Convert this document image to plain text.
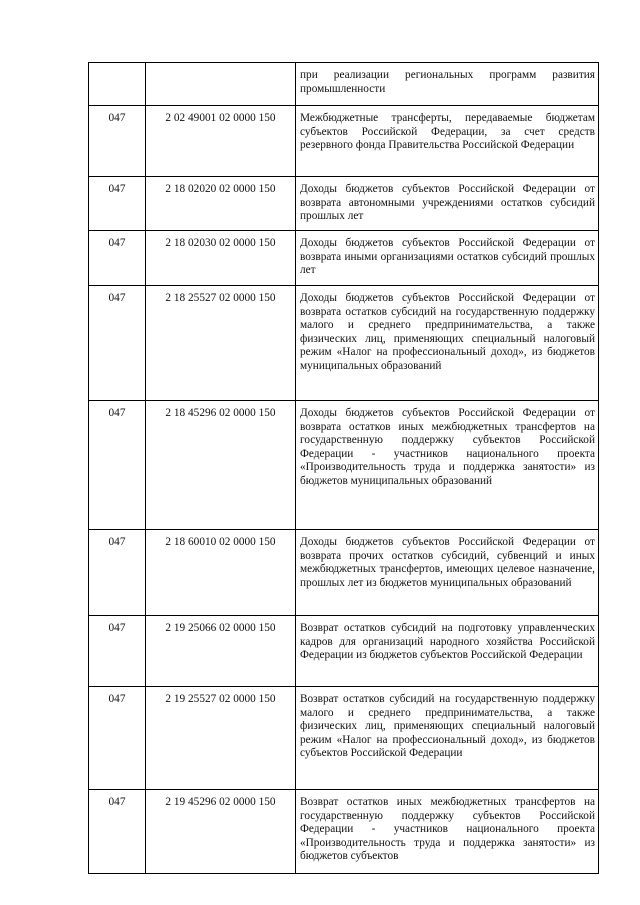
		при реализации региональных программ развития промышленности
047	2 02 49001 02 0000 150	Межбюджетные трансферты, передаваемые бюджетам субъектов Российской Федерации, за счет средств резервного фонда Правительства Российской Федерации
047	2 18 02020 02 0000 150	Доходы бюджетов субъектов Российской Федерации от возврата автономными учреждениями остатков субсидий прошлых лет
047	2 18 02030 02 0000 150	Доходы бюджетов субъектов Российской Федерации от возврата иными организациями остатков субсидий прошлых лет
047	2 18 25527 02 0000 150	Доходы бюджетов субъектов Российской Федерации от возврата остатков субсидий на государственную поддержку малого и среднего предпринимательства, а также физических лиц, применяющих специальный налоговый режим «Налог на профессиональный доход», из бюджетов муниципальных образований
047	2 18 45296 02 0000 150	Доходы бюджетов субъектов Российской Федерации от возврата остатков иных межбюджетных трансфертов на государственную поддержку субъектов Российской Федерации - участников национального проекта «Производительность труда и поддержка занятости» из бюджетов муниципальных образований
047	2 18 60010 02 0000 150	Доходы бюджетов субъектов Российской Федерации от возврата прочих остатков субсидий, субвенций и иных межбюджетных трансфертов, имеющих целевое назначение, прошлых лет из бюджетов муниципальных образований
047	2 19 25066 02 0000 150	Возврат остатков субсидий на подготовку управленческих кадров для организаций народного хозяйства Российской Федерации из бюджетов субъектов Российской Федерации
047	2 19 25527 02 0000 150	Возврат остатков субсидий на государственную поддержку малого и среднего предпринимательства, а также физических лиц, применяющих специальный налоговый режим «Налог на профессиональный доход», из бюджетов субъектов Российской Федерации
047	2 19 45296 02 0000 150	Возврат остатков иных межбюджетных трансфертов на государственную поддержку субъектов Российской Федерации - участников национального проекта «Производительность труда и поддержка занятости» из бюджетов субъектов
